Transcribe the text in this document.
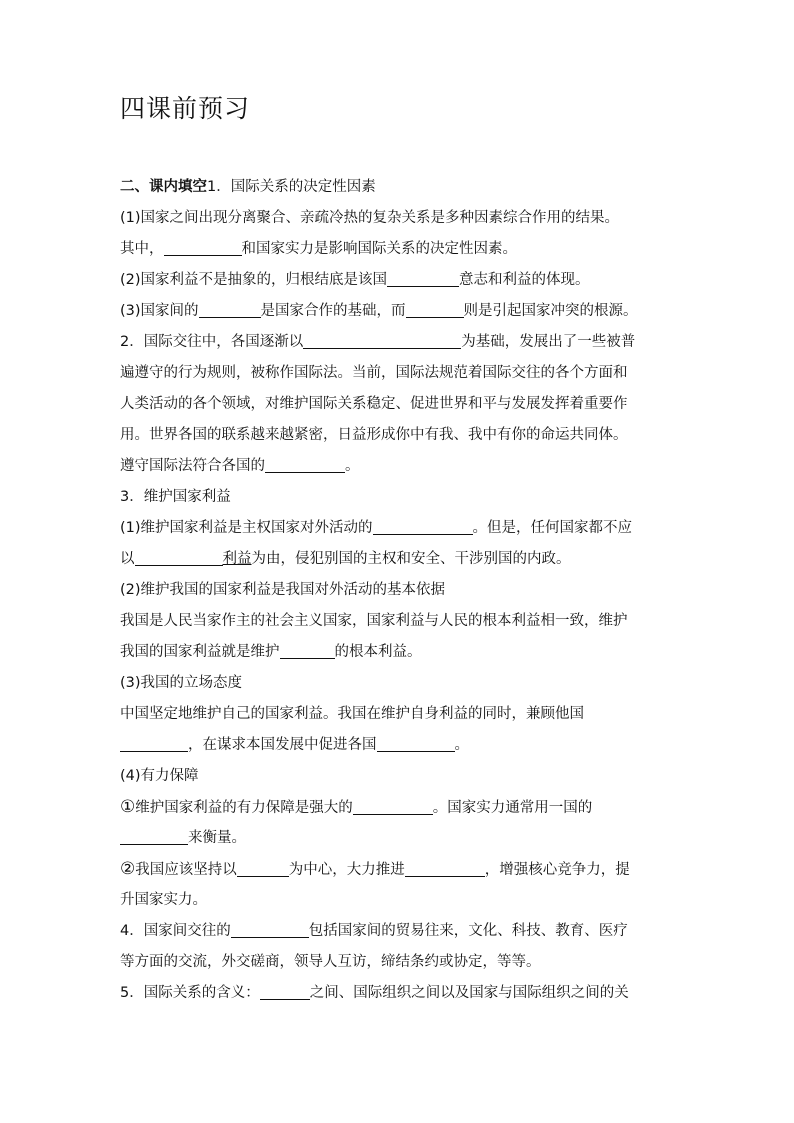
四课前预习
二、课内填空1．国际关系的决定性因素
(1)国家之间出现分离聚合、亲疏冷热的复杂关系是多种因素综合作用的结果。
其中，	和国家实力是影响国际关系的决定性因素。
(2)国家利益不是抽象的，归根结底是该国	意志和利益的体现。
(3)国家间的	是国家合作的基础，而	则是引起国家冲突的根源。
2．国际交往中，各国逐渐以	为基础，发展出了一些被普
遍遵守的行为规则，被称作国际法。当前，国际法规范着国际交往的各个方面和
人类活动的各个领域，对维护国际关系稳定、促进世界和平与发展发挥着重要作
用。世界各国的联系越来越紧密，日益形成你中有我、我中有你的命运共同体。
遵守国际法符合各国的	。
3．维护国家利益
(1)维护国家利益是主权国家对外活动的	。但是，任何国家都不应
以	利益为由，侵犯别国的主权和安全、干涉别国的内政。
(2)维护我国的国家利益是我国对外活动的基本依据
我国是人民当家作主的社会主义国家，国家利益与人民的根本利益相一致，维护
我国的国家利益就是维护	的根本利益。
(3)我国的立场态度
中国坚定地维护自己的国家利益。我国在维护自身利益的同时，兼顾他国
，在谋求本国发展中促进各国	。
(4)有力保障
①维护国家利益的有力保障是强大的	。国家实力通常用一国的
来衡量。
②我国应该坚持以	为中心，大力推进	，增强核心竞争力，提
升国家实力。
4．国家间交往的	包括国家间的贸易往来，文化、科技、教育、医疗
等方面的交流，外交磋商，领导人互访，缔结条约或协定，等等。
5．国际关系的含义：	之间、国际组织之间以及国家与国际组织之间的关
